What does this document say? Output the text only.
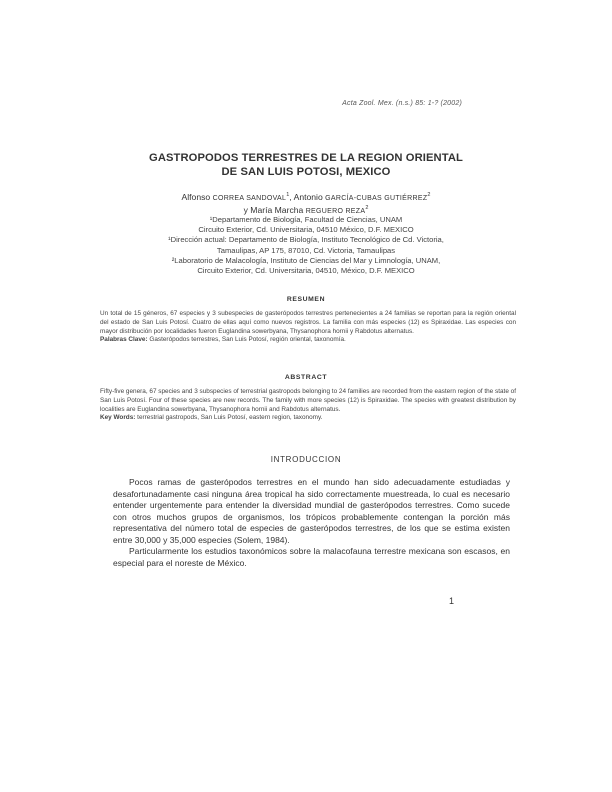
Acta Zool. Mex. (n.s.) 85: 1-? (2002)
GASTROPODOS TERRESTRES DE LA REGION ORIENTAL
DE SAN LUIS POTOSI, MEXICO
Alfonso CORREA SANDOVAL$^1$, Antonio GARCÍA-CUBAS GUTIÉRREZ$^2$
y María Marcha REGUERO REZA$^2$
¹Departamento de Biología, Facultad de Ciencias, UNAM
Circuito Exterior, Cd. Universitaria, 04510 México, D.F. MEXICO
¹Dirección actual: Departamento de Biología, Instituto Tecnológico de Cd. Victoria,
Tamaulipas, AP 175, 87010, Cd. Victoria, Tamaulipas
²Laboratorio de Malacología, Instituto de Ciencias del Mar y Limnología, UNAM,
Circuito Exterior, Cd. Universitaria, 04510, México, D.F. MEXICO
RESUMEN
Un total de 15 géneros, 67 especies y 3 subespecies de gasterópodos terrestres pertenecientes a 24 familias se reportan para la región oriental del estado de San Luis Potosí. Cuatro de ellas aquí como nuevos registros. La familia con más especies (12) es Spiraxidae. Las especies con mayor distribución por localidades fueron Euglandina sowerbyana, Thysanophora hornii y Rabdotus alternatus.
Palabras Clave: Gasterópodos terrestres, San Luis Potosí, región oriental, taxonomía.
ABSTRACT
Fifty-five genera, 67 species and 3 subspecies of terrestrial gastropods belonging to 24 families are recorded from the eastern region of the state of San Luis Potosí. Four of these species are new records. The family with more species (12) is Spiraxidae. The species with greatest distribution by localities are Euglandina sowerbyana, Thysanophora hornii and Rabdotus alternatus.
Key Words: terrestrial gastropods, San Luis Potosí, eastern region, taxonomy.
INTRODUCCION

Pocos ramas de gasterópodos terrestres en el mundo han sido adecuadamente estudiadas y desafortunadamente casi ninguna área tropical ha sido correctamente muestreada, lo cual es necesario entender urgentemente para entender la diversidad mundial de gasterópodos terrestres. Como sucede con otros muchos grupos de organismos, los trópicos probablemente contengan la porción más representativa del número total de especies de gasterópodos terrestres, de los que se estima existen entre 30,000 y 35,000 especies (Solem, 1984).

Particularmente los estudios taxonómicos sobre la malacofauna terrestre mexicana son escasos, en especial para el noreste de México.

1
